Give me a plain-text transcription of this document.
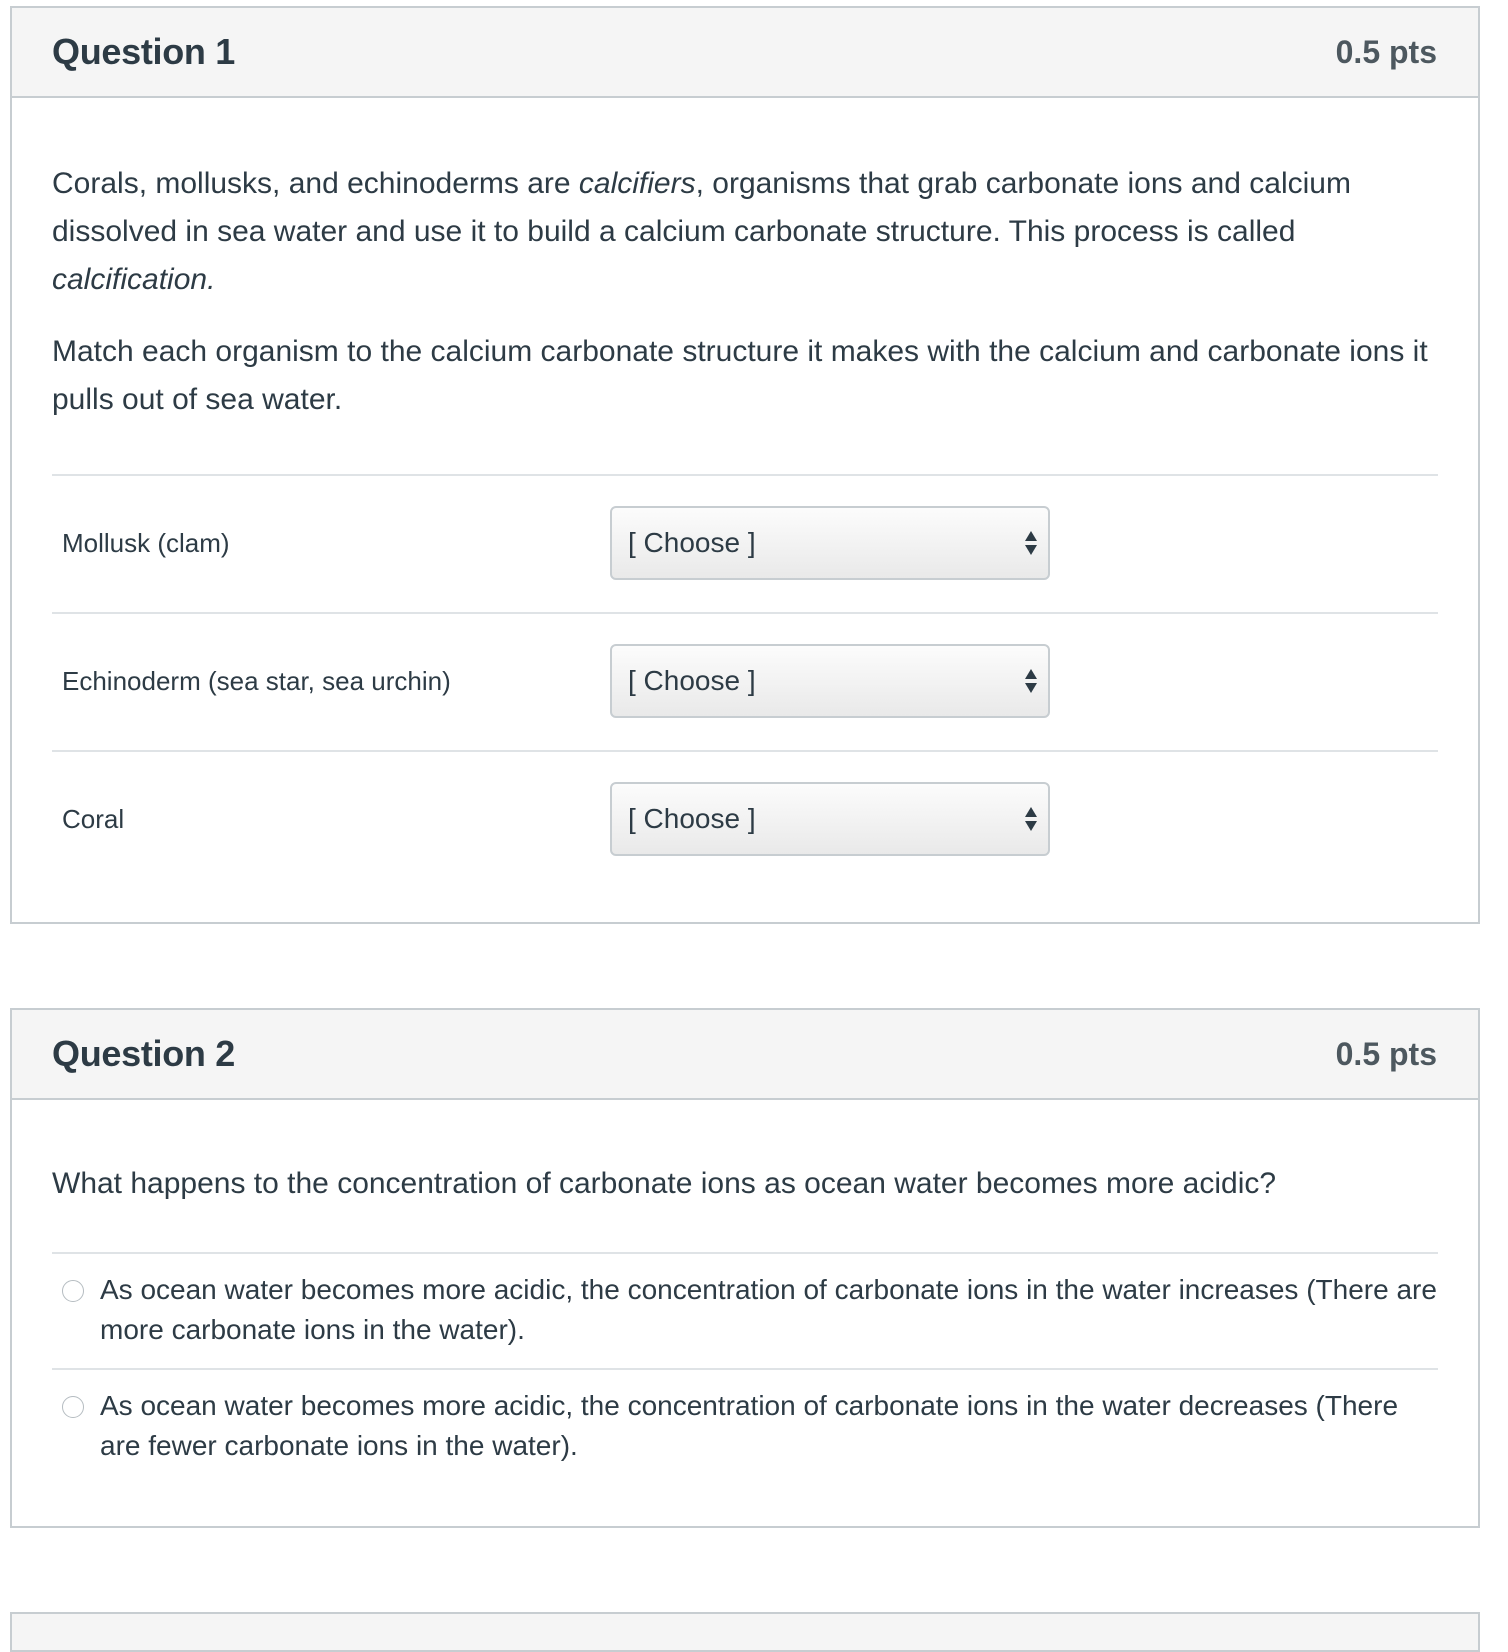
Question 1	0.5 pts

Corals, mollusks, and echinoderms are calcifiers, organisms that grab carbonate ions and calcium dissolved in sea water and use it to build a calcium carbonate structure. This process is called calcification.

Match each organism to the calcium carbonate structure it makes with the calcium and carbonate ions it pulls out of sea water.

Mollusk (clam)	[ Choose ]
Echinoderm (sea star, sea urchin)	[ Choose ]
Coral	[ Choose ]
Question 2	0.5 pts

What happens to the concentration of carbonate ions as ocean water becomes more acidic?

As ocean water becomes more acidic, the concentration of carbonate ions in the water increases (There are more carbonate ions in the water).
As ocean water becomes more acidic, the concentration of carbonate ions in the water decreases (There are fewer carbonate ions in the water).
